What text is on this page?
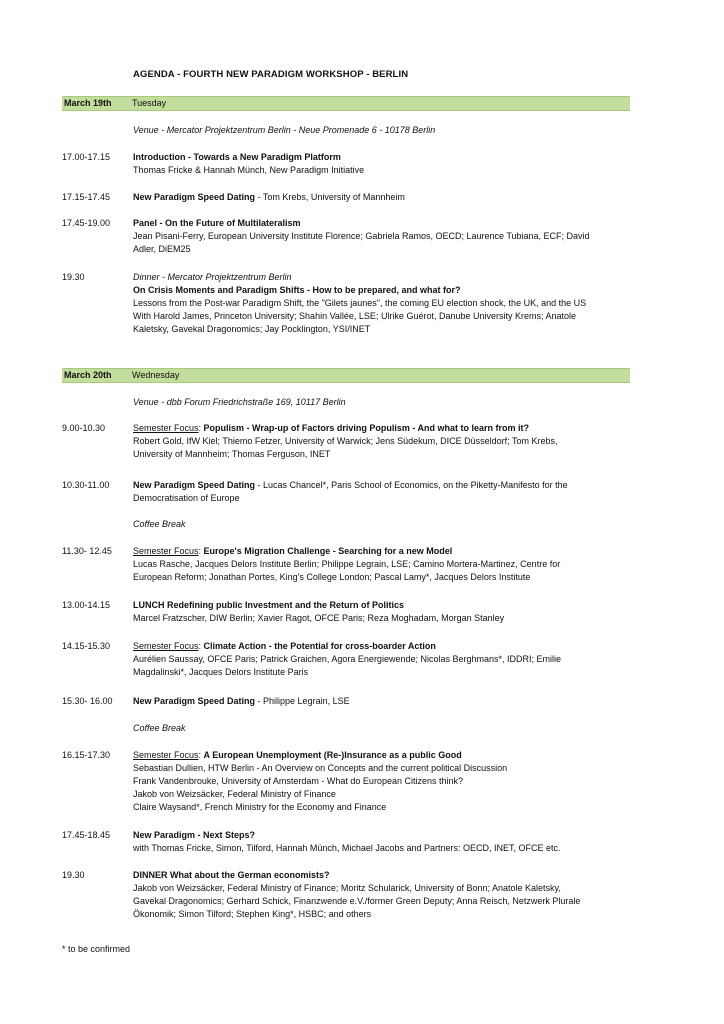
AGENDA - FOURTH NEW PARADIGM WORKSHOP - BERLIN
March 19th Tuesday
Venue - Mercator Projektzentrum Berlin - Neue Promenade 6 - 10178 Berlin
17.00-17.15	Introduction - Towards a New Paradigm Platform
Thomas Fricke & Hannah Münch, New Paradigm Initiative
17.15-17.45	New Paradigm Speed Dating - Tom Krebs, University of Mannheim
17.45-19.00	Panel - On the Future of Multilateralism
Jean Pisani-Ferry, European University Institute Florence; Gabriela Ramos, OECD; Laurence Tubiana, ECF; David
Adler, DiEM25
19.30	Dinner - Mercator Projektzentrum Berlin
On Crisis Moments and Paradigm Shifts - How to be prepared, and what for?
Lessons from the Post-war Paradigm Shift, the "Gilets jaunes", the coming EU election shock, the UK, and the US
With Harold James, Princeton University; Shahin Vallée, LSE; Ulrike Guérot, Danube University Krems; Anatole
Kaletsky, Gavekal Dragonomics; Jay Pocklington, YSI/INET
March 20th Wednesday
Venue - dbb Forum Friedrichstraße 169, 10117 Berlin
9.00-10.30	Semester Focus: Populism - Wrap-up of Factors driving Populism - And what to learn from it?
Robert Gold, IfW Kiel; Thiemo Fetzer, University of Warwick; Jens Südekum, DICE Düsseldorf; Tom Krebs,
University of Mannheim; Thomas Ferguson, INET
10.30-11.00	New Paradigm Speed Dating - Lucas Chancel*, Paris School of Economics, on the Piketty-Manifesto for the
Democratisation of Europe
Coffee Break
11.30- 12.45	Semester Focus: Europe's Migration Challenge - Searching for a new Model
Lucas Rasche, Jacques Delors Institute Berlin; Philippe Legrain, LSE; Camino Mortera-Martinez, Centre for
European Reform; Jonathan Portes, King's College London; Pascal Lamy*, Jacques Delors Institute
13.00-14.15	LUNCH Redefining public Investment and the Return of Politics
Marcel Fratzscher, DIW Berlin; Xavier Ragot, OFCE Paris; Reza Moghadam, Morgan Stanley
14.15-15.30	Semester Focus: Climate Action - the Potential for cross-boarder Action
Aurélien Saussay, OFCE Paris; Patrick Graichen, Agora Energiewende; Nicolas Berghmans*, IDDRI; Emilie
Magdalinski*, Jacques Delors Institute Paris
15.30- 16.00	New Paradigm Speed Dating - Philippe Legrain, LSE
Coffee Break
16.15-17.30	Semester Focus: A European Unemployment (Re-)Insurance as a public Good
Sebastian Dullien, HTW Berlin - An Overview on Concepts and the current political Discussion
Frank Vandenbrouke, University of Amsterdam - What do European Citizens think?
Jakob von Weizsäcker, Federal Ministry of Finance
Claire Waysand*, French Ministry for the Economy and Finance
17.45-18.45	New Paradigm - Next Steps?
with Thomas Fricke, Simon, Tilford, Hannah Münch, Michael Jacobs and Partners: OECD, INET, OFCE etc.
19.30	DINNER What about the German economists?
Jakob von Weizsäcker, Federal Ministry of Finance; Moritz Schularick, University of Bonn; Anatole Kaletsky,
Gavekal Dragonomics; Gerhard Schick, Finanzwende e.V./former Green Deputy; Anna Reisch, Netzwerk Plurale
Ökonomik; Simon Tilford; Stephen King*, HSBC; and others
* to be confirmed
